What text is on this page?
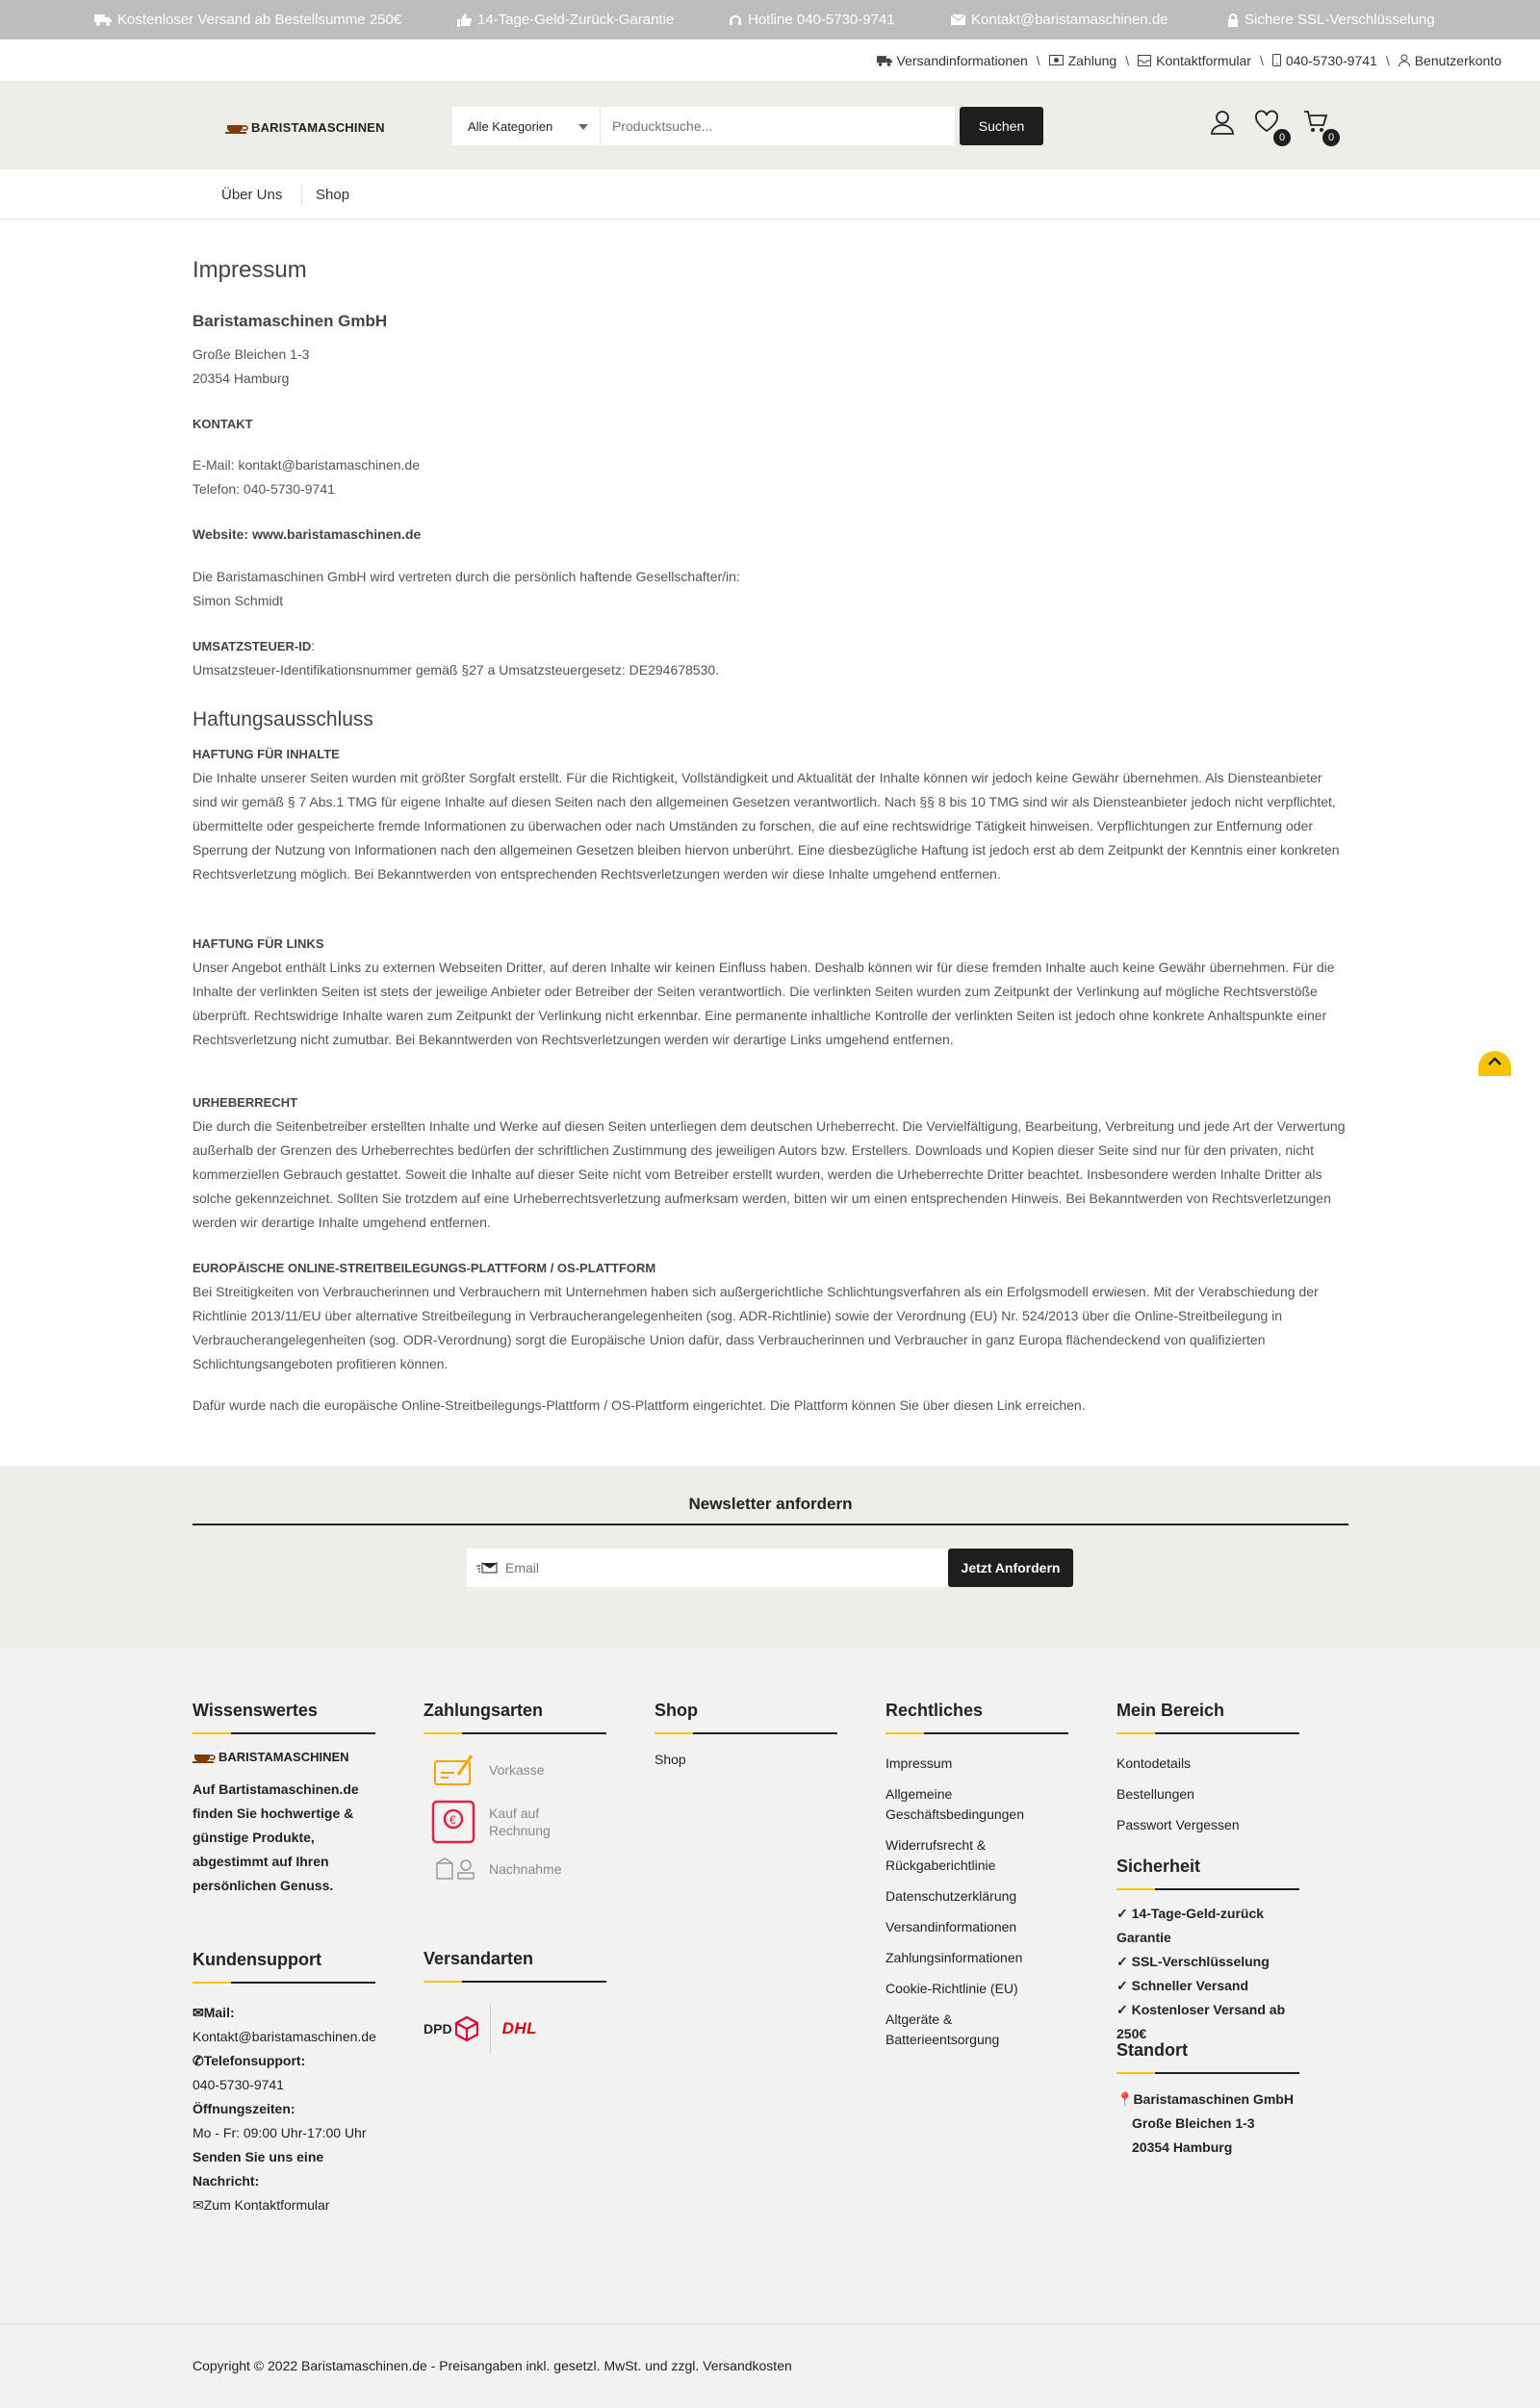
Kostenloser Versand ab Bestellsumme 250€	14-Tage-Geld-Zurück-Garantie	Hotline 040-5730-9741	Kontakt@baristamaschinen.de	Sichere SSL-Verschlüsselung
Versandinformationen \ Zahlung \ Kontaktformular \ 040-5730-9741 \ Benutzerkonto
BARISTAMASCHINEN	Alle Kategorien
Producktsuche...	Suchen
0	0
Über Uns Shop
Impressum
Baristamaschinen GmbH
Große Bleichen 1-3
20354 Hamburg
KONTAKT
E-Mail: kontakt@baristamaschinen.de
Telefon: 040-5730-9741
Website: www.baristamaschinen.de
Die Baristamaschinen GmbH wird vertreten durch die persönlich haftende Gesellschafter/in:
Simon Schmidt
UMSATZSTEUER-ID:
Umsatzsteuer-Identifikationsnummer gemäß §27 a Umsatzsteuergesetz: DE294678530.
Haftungsausschluss
HAFTUNG FÜR INHALTE
Die Inhalte unserer Seiten wurden mit größter Sorgfalt erstellt. Für die Richtigkeit, Vollständigkeit und Aktualität der Inhalte können wir jedoch keine Gewähr übernehmen. Als Diensteanbieter sind wir gemäß § 7 Abs.1 TMG für eigene Inhalte auf diesen Seiten nach den allgemeinen Gesetzen verantwortlich. Nach §§ 8 bis 10 TMG sind wir als Diensteanbieter jedoch nicht verpflichtet, übermittelte oder gespeicherte fremde Informationen zu überwachen oder nach Umständen zu forschen, die auf eine rechtswidrige Tätigkeit hinweisen. Verpflichtungen zur Entfernung oder Sperrung der Nutzung von Informationen nach den allgemeinen Gesetzen bleiben hiervon unberührt. Eine diesbezügliche Haftung ist jedoch erst ab dem Zeitpunkt der Kenntnis einer konkreten Rechtsverletzung möglich. Bei Bekanntwerden von entsprechenden Rechtsverletzungen werden wir diese Inhalte umgehend entfernen.
HAFTUNG FÜR LINKS
Unser Angebot enthält Links zu externen Webseiten Dritter, auf deren Inhalte wir keinen Einfluss haben. Deshalb können wir für diese fremden Inhalte auch keine Gewähr übernehmen. Für die Inhalte der verlinkten Seiten ist stets der jeweilige Anbieter oder Betreiber der Seiten verantwortlich. Die verlinkten Seiten wurden zum Zeitpunkt der Verlinkung auf mögliche Rechtsverstöße überprüft. Rechtswidrige Inhalte waren zum Zeitpunkt der Verlinkung nicht erkennbar. Eine permanente inhaltliche Kontrolle der verlinkten Seiten ist jedoch ohne konkrete Anhaltspunkte einer Rechtsverletzung nicht zumutbar. Bei Bekanntwerden von Rechtsverletzungen werden wir derartige Links umgehend entfernen.
URHEBERRECHT
Die durch die Seitenbetreiber erstellten Inhalte und Werke auf diesen Seiten unterliegen dem deutschen Urheberrecht. Die Vervielfältigung, Bearbeitung, Verbreitung und jede Art der Verwertung außerhalb der Grenzen des Urheberrechtes bedürfen der schriftlichen Zustimmung des jeweiligen Autors bzw. Erstellers. Downloads und Kopien dieser Seite sind nur für den privaten, nicht kommerziellen Gebrauch gestattet. Soweit die Inhalte auf dieser Seite nicht vom Betreiber erstellt wurden, werden die Urheberrechte Dritter beachtet. Insbesondere werden Inhalte Dritter als solche gekennzeichnet. Sollten Sie trotzdem auf eine Urheberrechtsverletzung aufmerksam werden, bitten wir um einen entsprechenden Hinweis. Bei Bekanntwerden von Rechtsverletzungen werden wir derartige Inhalte umgehend entfernen.
EUROPÄISCHE ONLINE-STREITBEILEGUNGS-PLATTFORM / OS-PLATTFORM
Bei Streitigkeiten von Verbraucherinnen und Verbrauchern mit Unternehmen haben sich außergerichtliche Schlichtungsverfahren als ein Erfolgsmodell erwiesen. Mit der Verabschiedung der Richtlinie 2013/11/EU über alternative Streitbeilegung in Verbraucherangelegenheiten (sog. ADR-Richtlinie) sowie der Verordnung (EU) Nr. 524/2013 über die Online-Streitbeilegung in Verbraucherangelegenheiten (sog. ODR-Verordnung) sorgt die Europäische Union dafür, dass Verbraucherinnen und Verbraucher in ganz Europa flächendeckend von qualifizierten Schlichtungsangeboten profitieren können.
Dafür wurde nach die europäische Online-Streitbeilegungs-Plattform / OS-Plattform eingerichtet. Die Plattform können Sie über diesen Link erreichen.
Newsletter anfordern
Email
Jetzt Anfordern
Wissenswertes
BARISTAMASCHINEN
Auf Bartistamaschinen.de finden Sie hochwertige & günstige Produkte, abgestimmt auf Ihren persönlichen Genuss.
Kundensupport
✉Mail:
Kontakt@baristamaschinen.de
✆Telefonsupport:
040-5730-9741
Öffnungszeiten:
Mo - Fr: 09:00 Uhr-17:00 Uhr
Senden Sie uns eine Nachricht:
✉Zum Kontaktformular
Zahlungsarten
Vorkasse
€ Kauf auf Rechnung
Nachnahme
Versandarten
DPD	DHL
Shop
Shop
Rechtliches
Impressum
Allgemeine Geschäftsbedingungen
Widerrufsrecht & Rückgaberichtlinie
Datenschutzerklärung
Versandinformationen
Zahlungsinformationen
Cookie-Richtlinie (EU)
Altgeräte & Batterieentsorgung
Mein Bereich
Kontodetails
Bestellungen
Passwort Vergessen
Sicherheit
✓ 14-Tage-Geld-zurück Garantie
✓ SSL-Verschlüsselung
✓ Schneller Versand
✓ Kostenloser Versand ab 250€
Standort
📍Baristamaschinen GmbH
Große Bleichen 1-3
20354 Hamburg
Copyright © 2022 Baristamaschinen.de - Preisangaben inkl. gesetzl. MwSt. und zzgl. Versandkosten
